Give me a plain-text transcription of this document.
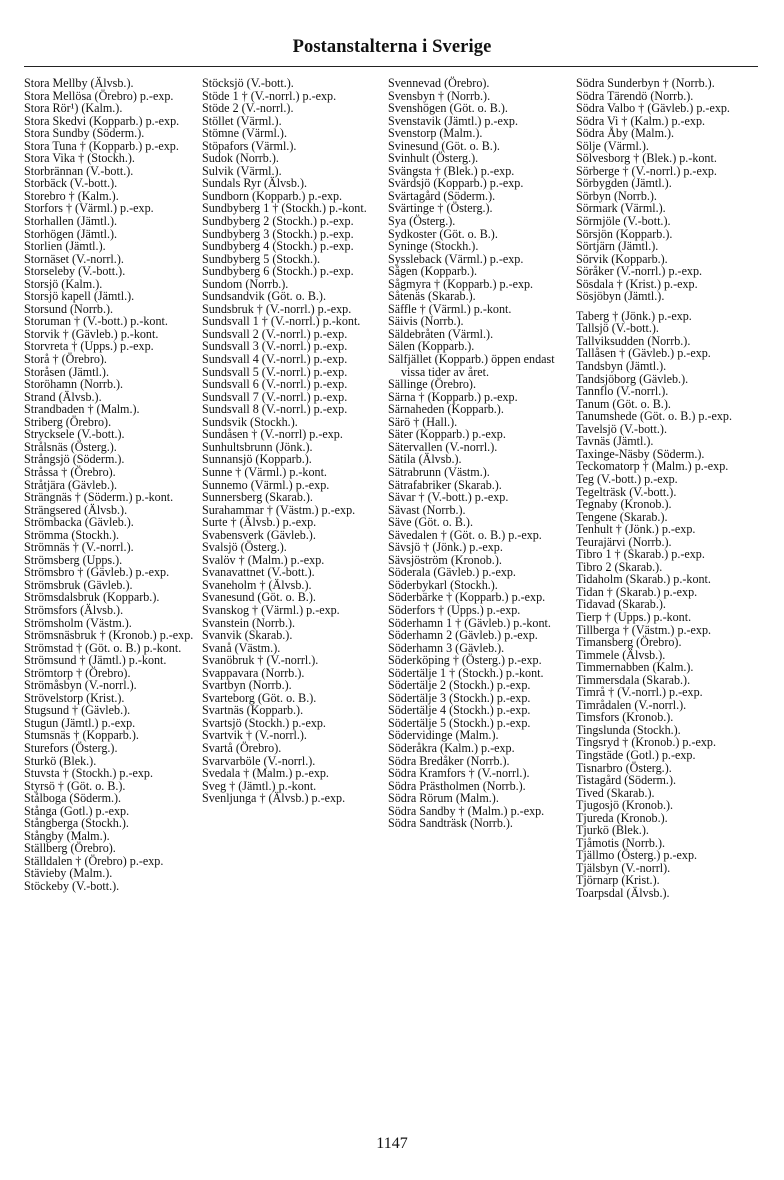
Postanstalterna i Sverige
Stora Mellby (Älvsb.).
Stora Mellösa (Örebro) p.-exp.
Stora Rör¹) (Kalm.).
Stora Skedvi (Kopparb.) p.-exp.
Stora Sundby (Söderm.).
Stora Tuna † (Kopparb.) p.-exp.
Stora Vika † (Stockh.).
Storbrännan (V.-bott.).
Storbäck (V.-bott.).
Storebro † (Kalm.).
Storfors † (Värml.) p.-exp.
Storhallen (Jämtl.).
Storhögen (Jämtl.).
Storlien (Jämtl.).
Stornäset (V.-norrl.).
Storseleby (V.-bott.).
Storsjö (Kalm.).
Storsjö kapell (Jämtl.).
Storsund (Norrb.).
Storuman † (V.-bott.) p.-kont.
Storvik † (Gävleb.) p.-kont.
Storvreta † (Upps.) p.-exp.
Storå † (Örebro).
Storåsen (Jämtl.).
Storöhamn (Norrb.).
Strand (Älvsb.).
Strandbaden † (Malm.).
Striberg (Örebro).
Strycksele (V.-bott.).
Strålsnäs (Österg.).
Strångsjö (Söderm.).
Stråssa † (Örebro).
Stråtjära (Gävleb.).
Strängnäs † (Söderm.) p.-kont.
Strängsered (Älvsb.).
Strömbacka (Gävleb.).
Strömma (Stockh.).
Strömnäs † (V.-norrl.).
Strömsberg (Upps.).
Strömsbro † (Gävleb.) p.-exp.
Strömsbruk (Gävleb.).
Strömsdalsbruk (Kopparb.).
Strömsfors (Älvsb.).
Strömsholm (Västm.).
Strömsnäsbruk † (Kronob.) p.-exp.
Strömstad † (Göt. o. B.) p.-kont.
Strömsund † (Jämtl.) p.-kont.
Strömtorp † (Örebro).
Strömåsbyn (V.-norrl.).
Strövelstorp (Krist.).
Stugsund † (Gävleb.).
Stugun (Jämtl.) p.-exp.
Stumsnäs † (Kopparb.).
Sturefors (Österg.).
Sturkö (Blek.).
Stuvsta † (Stockh.) p.-exp.
Styrsö † (Göt. o. B.).
Stålboga (Söderm.).
Stånga (Gotl.) p.-exp.
Stångberga (Stockh.).
Stångby (Malm.).
Ställberg (Örebro).
Ställdalen † (Örebro) p.-exp.
Stävieby (Malm.).
Stöckeby (V.-bott.).
Stöcksjö (V.-bott.).
Stöde 1 † (V.-norrl.) p.-exp.
Stöde 2 (V.-norrl.).
Stöllet (Värml.).
Stömne (Värml.).
Stöpafors (Värml.).
Sudok (Norrb.).
Sulvik (Värml.).
Sundals Ryr (Älvsb.).
Sundborn (Kopparb.) p.-exp.
Sundbyberg 1 † (Stockh.) p.-kont.
Sundbyberg 2 (Stockh.) p.-exp.
Sundbyberg 3 (Stockh.) p.-exp.
Sundbyberg 4 (Stockh.) p.-exp.
Sundbyberg 5 (Stockh.).
Sundbyberg 6 (Stockh.) p.-exp.
Sundom (Norrb.).
Sundsandvik (Göt. o. B.).
Sundsbruk † (V.-norrl.) p.-exp.
Sundsvall 1 † (V.-norrl.) p.-kont.
Sundsvall 2 (V.-norrl.) p.-exp.
Sundsvall 3 (V.-norrl.) p.-exp.
Sundsvall 4 (V.-norrl.) p.-exp.
Sundsvall 5 (V.-norrl.) p.-exp.
Sundsvall 6 (V.-norrl.) p.-exp.
Sundsvall 7 (V.-norrl.) p.-exp.
Sundsvall 8 (V.-norrl.) p.-exp.
Sundsvik (Stockh.).
Sundåsen † (V.-norrl) p.-exp.
Sunhultsbrunn (Jönk.).
Sunnansjö (Kopparb.).
Sunne † (Värml.) p.-kont.
Sunnemo (Värml.) p.-exp.
Sunnersberg (Skarab.).
Surahammar † (Västm.) p.-exp.
Surte † (Älvsb.) p.-exp.
Svabensverk (Gävleb.).
Svalsjö (Österg.).
Svalöv † (Malm.) p.-exp.
Svanavattnet (V.-bott.).
Svaneholm † (Älvsb.).
Svanesund (Göt. o. B.).
Svanskog † (Värml.) p.-exp.
Svanstein (Norrb.).
Svanvik (Skarab.).
Svanå (Västm.).
Svanöbruk † (V.-norrl.).
Svappavara (Norrb.).
Svartbyn (Norrb.).
Svarteborg (Göt. o. B.).
Svartnäs (Kopparb.).
Svartsjö (Stockh.) p.-exp.
Svartvik † (V.-norrl.).
Svartå (Örebro).
Svarvarböle (V.-norrl.).
Svedala † (Malm.) p.-exp.
Sveg † (Jämtl.) p.-kont.
Svenljunga † (Älvsb.) p.-exp.
Svennevad (Örebro).
Svensbyn † (Norrb.).
Svenshögen (Göt. o. B.).
Svenstavik (Jämtl.) p.-exp.
Svenstorp (Malm.).
Svinesund (Göt. o. B.).
Svinhult (Österg.).
Svängsta † (Blek.) p.-exp.
Svärdsjö (Kopparb.) p.-exp.
Svärtagård (Söderm.).
Svärtinge † (Österg.).
Sya (Österg.).
Sydkoster (Göt. o. B.).
Syninge (Stockh.).
Syssleback (Värml.) p.-exp.
Sågen (Kopparb.).
Sågmyra † (Kopparb.) p.-exp.
Såtenäs (Skarab.).
Säffle † (Värml.) p.-kont.
Säivis (Norrb.).
Säldebråten (Värml.).
Sälen (Kopparb.).
Sälfjället (Kopparb.) öppen endast vissa tider av året.
Sällinge (Örebro).
Särna † (Kopparb.) p.-exp.
Särnaheden (Kopparb.).
Särö † (Hall.).
Säter (Kopparb.) p.-exp.
Sätervallen (V.-norrl.).
Sätila (Älvsb.).
Sätrabrunn (Västm.).
Sätrafabriker (Skarab.).
Sävar † (V.-bott.) p.-exp.
Sävast (Norrb.).
Säve (Göt. o. B.).
Sävedalen † (Göt. o. B.) p.-exp.
Sävsjö † (Jönk.) p.-exp.
Sävsjöström (Kronob.).
Söderala (Gävleb.) p.-exp.
Söderbykarl (Stockh.).
Söderbärke † (Kopparb.) p.-exp.
Söderfors † (Upps.) p.-exp.
Söderhamn 1 † (Gävleb.) p.-kont.
Söderhamn 2 (Gävleb.) p.-exp.
Söderhamn 3 (Gävleb.).
Söderköping † (Österg.) p.-exp.
Södertälje 1 † (Stockh.) p.-kont.
Södertälje 2 (Stockh.) p.-exp.
Södertälje 3 (Stockh.) p.-exp.
Södertälje 4 (Stockh.) p.-exp.
Södertälje 5 (Stockh.) p.-exp.
Södervidinge (Malm.).
Söderåkra (Kalm.) p.-exp.
Södra Bredåker (Norrb.).
Södra Kramfors † (V.-norrl.).
Södra Prästholmen (Norrb.).
Södra Rörum (Malm.).
Södra Sandby † (Malm.) p.-exp.
Södra Sandträsk (Norrb.).
Södra Sunderbyn † (Norrb.).
Södra Tärendö (Norrb.).
Södra Valbo † (Gävleb.) p.-exp.
Södra Vi † (Kalm.) p.-exp.
Södra Åby (Malm.).
Sölje (Värml.).
Sölvesborg † (Blek.) p.-kont.
Sörberge † (V.-norrl.) p.-exp.
Sörbygden (Jämtl.).
Sörbyn (Norrb.).
Sörmark (Värml.).
Sörmjöle (V.-bott.).
Sörsjön (Kopparb.).
Sörtjärn (Jämtl.).
Sörvik (Kopparb.).
Söråker (V.-norrl.) p.-exp.
Sösdala † (Krist.) p.-exp.
Sösjöbyn (Jämtl.).
Taberg † (Jönk.) p.-exp.
Tallsjö (V.-bott.).
Tallviksudden (Norrb.).
Tallåsen † (Gävleb.) p.-exp.
Tandsbyn (Jämtl.).
Tandsjöborg (Gävleb.).
Tannflo (V.-norrl.).
Tanum (Göt. o. B.).
Tanumshede (Göt. o. B.) p.-exp.
Tavelsjö (V.-bott.).
Tavnäs (Jämtl.).
Taxinge-Näsby (Söderm.).
Teckomatorp † (Malm.) p.-exp.
Teg (V.-bott.) p.-exp.
Tegelträsk (V.-bott.).
Tegnaby (Kronob.).
Tengene (Skarab.).
Tenhult † (Jönk.) p.-exp.
Teurajärvi (Norrb.).
Tibro 1 † (Skarab.) p.-exp.
Tibro 2 (Skarab.).
Tidaholm (Skarab.) p.-kont.
Tidan † (Skarab.) p.-exp.
Tidavad (Skarab.).
Tierp † (Upps.) p.-kont.
Tillberga † (Västm.) p.-exp.
Timansberg (Örebro).
Timmele (Älvsb.).
Timmernabben (Kalm.).
Timmersdala (Skarab.).
Timrå † (V.-norrl.) p.-exp.
Timrådalen (V.-norrl.).
Timsfors (Kronob.).
Tingslunda (Stockh.).
Tingsryd † (Kronob.) p.-exp.
Tingstäde (Gotl.) p.-exp.
Tisnarbro (Österg.).
Tistagård (Söderm.).
Tived (Skarab.).
Tjugosjö (Kronob.).
Tjureda (Kronob.).
Tjurkö (Blek.).
Tjåmotis (Norrb.).
Tjällmo (Österg.) p.-exp.
Tjälsbyn (V.-norrl).
Tjörnarp (Krist.).
Toarpsdal (Älvsb.).
1147
